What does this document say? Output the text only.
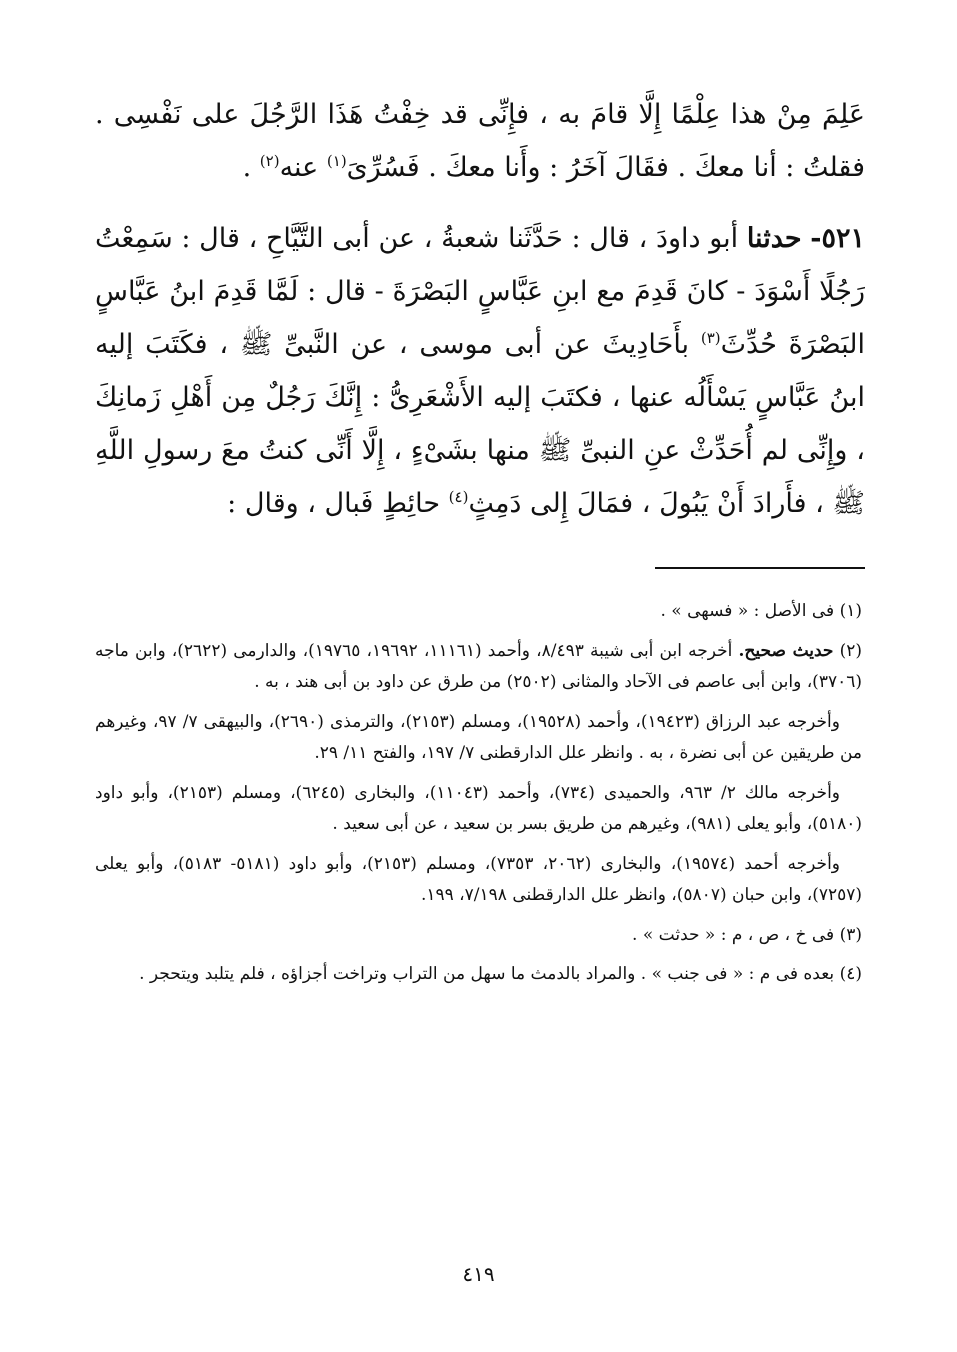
عَلِمَ مِنْ هذا عِلْمًا إِلَّا قامَ به ، فإِنِّى قد خِفْتُ هَذَا الرَّجُلَ على نَفْسِى . فقلتُ : أنا معكَ . فقَالَ آخَرُ : وأَنا معكَ . فَسُرِّىَ$^{(١)}$ عنه$^{(٢)}$ .

٥٢١- حدثنا أبو داودَ ، قال : حَدَّثَنا شعبةُ ، عن أبى التَّيَّاحِ ، قال : سَمِعْتُ رَجُلًا أَسْوَدَ - كانَ قَدِمَ مع ابنِ عَبَّاسٍ البَصْرَةَ - قال : لَمَّا قَدِمَ ابنُ عَبَّاسٍ البَصْرَةَ حُدِّثَ$^{(٣)}$ بأَحَادِيثَ عن أبى موسى ، عن النَّبىِّ ﷺ ، فكَتَبَ إليه ابنُ عَبَّاسٍ يَسْأَلُه عنها ، فكتَبَ إليه الأَشْعَرِىُّ : إِنَّكَ رَجُلٌ مِن أَهْلِ زَمانِكَ ، وإِنِّى لم أُحَدِّثْ عنِ النبىِّ ﷺ منها بشَىْءٍ ، إِلَّا أَنِّى كنتُ معَ رسولِ اللَّهِ ﷺ ، فأَرادَ أَنْ يَبُولَ ، فمَالَ إِلى دَمِثٍ$^{(٤)}$ حائِطٍ فَبال ، وقال :

(١) فى الأصل : « فسهى » .

(٢) حديث صحيح. أخرجه ابن أبى شيبة ٨/٤٩٣، وأحمد (١١١٦١، ١٩٦٩٢، ١٩٧٦٥)، والدارمى (٢٦٢٢)، وابن ماجه (٣٧٠٦)، وابن أبى عاصم فى الآحاد والمثانى (٢٥٠٢) من طرق عن داود بن أبى هند ، به .

وأخرجه عبد الرزاق (١٩٤٢٣)، وأحمد (١٩٥٢٨)، ومسلم (٢١٥٣)، والترمذى (٢٦٩٠)، والبيهقى ٧/ ٩٧، وغيرهم من طريقين عن أبى نضرة ، به . وانظر علل الدارقطنى ٧/ ١٩٧، والفتح ١١/ ٢٩.

وأخرجه مالك ٢/ ٩٦٣، والحميدى (٧٣٤)، وأحمد (١١٠٤٣)، والبخارى (٦٢٤٥)، ومسلم (٢١٥٣)، وأبو داود (٥١٨٠)، وأبو يعلى (٩٨١)، وغيرهم من طريق بسر بن سعيد ، عن أبى سعيد .

وأخرجه أحمد (١٩٥٧٤)، والبخارى (٢٠٦٢، ٧٣٥٣)، ومسلم (٢١٥٣)، وأبو داود (٥١٨١- ٥١٨٣)، وأبو يعلى (٧٢٥٧)، وابن حبان (٥٨٠٧)، وانظر علل الدارقطنى ٧/١٩٨، ١٩٩.

(٣) فى خ ، ص ، م : « حدثت » .

(٤) بعده فى م : « فى جنب » . والمراد بالدمث ما سهل من التراب وتراخت أجزاؤه ، فلم يتلبد ويتحجر .

٤١٩
